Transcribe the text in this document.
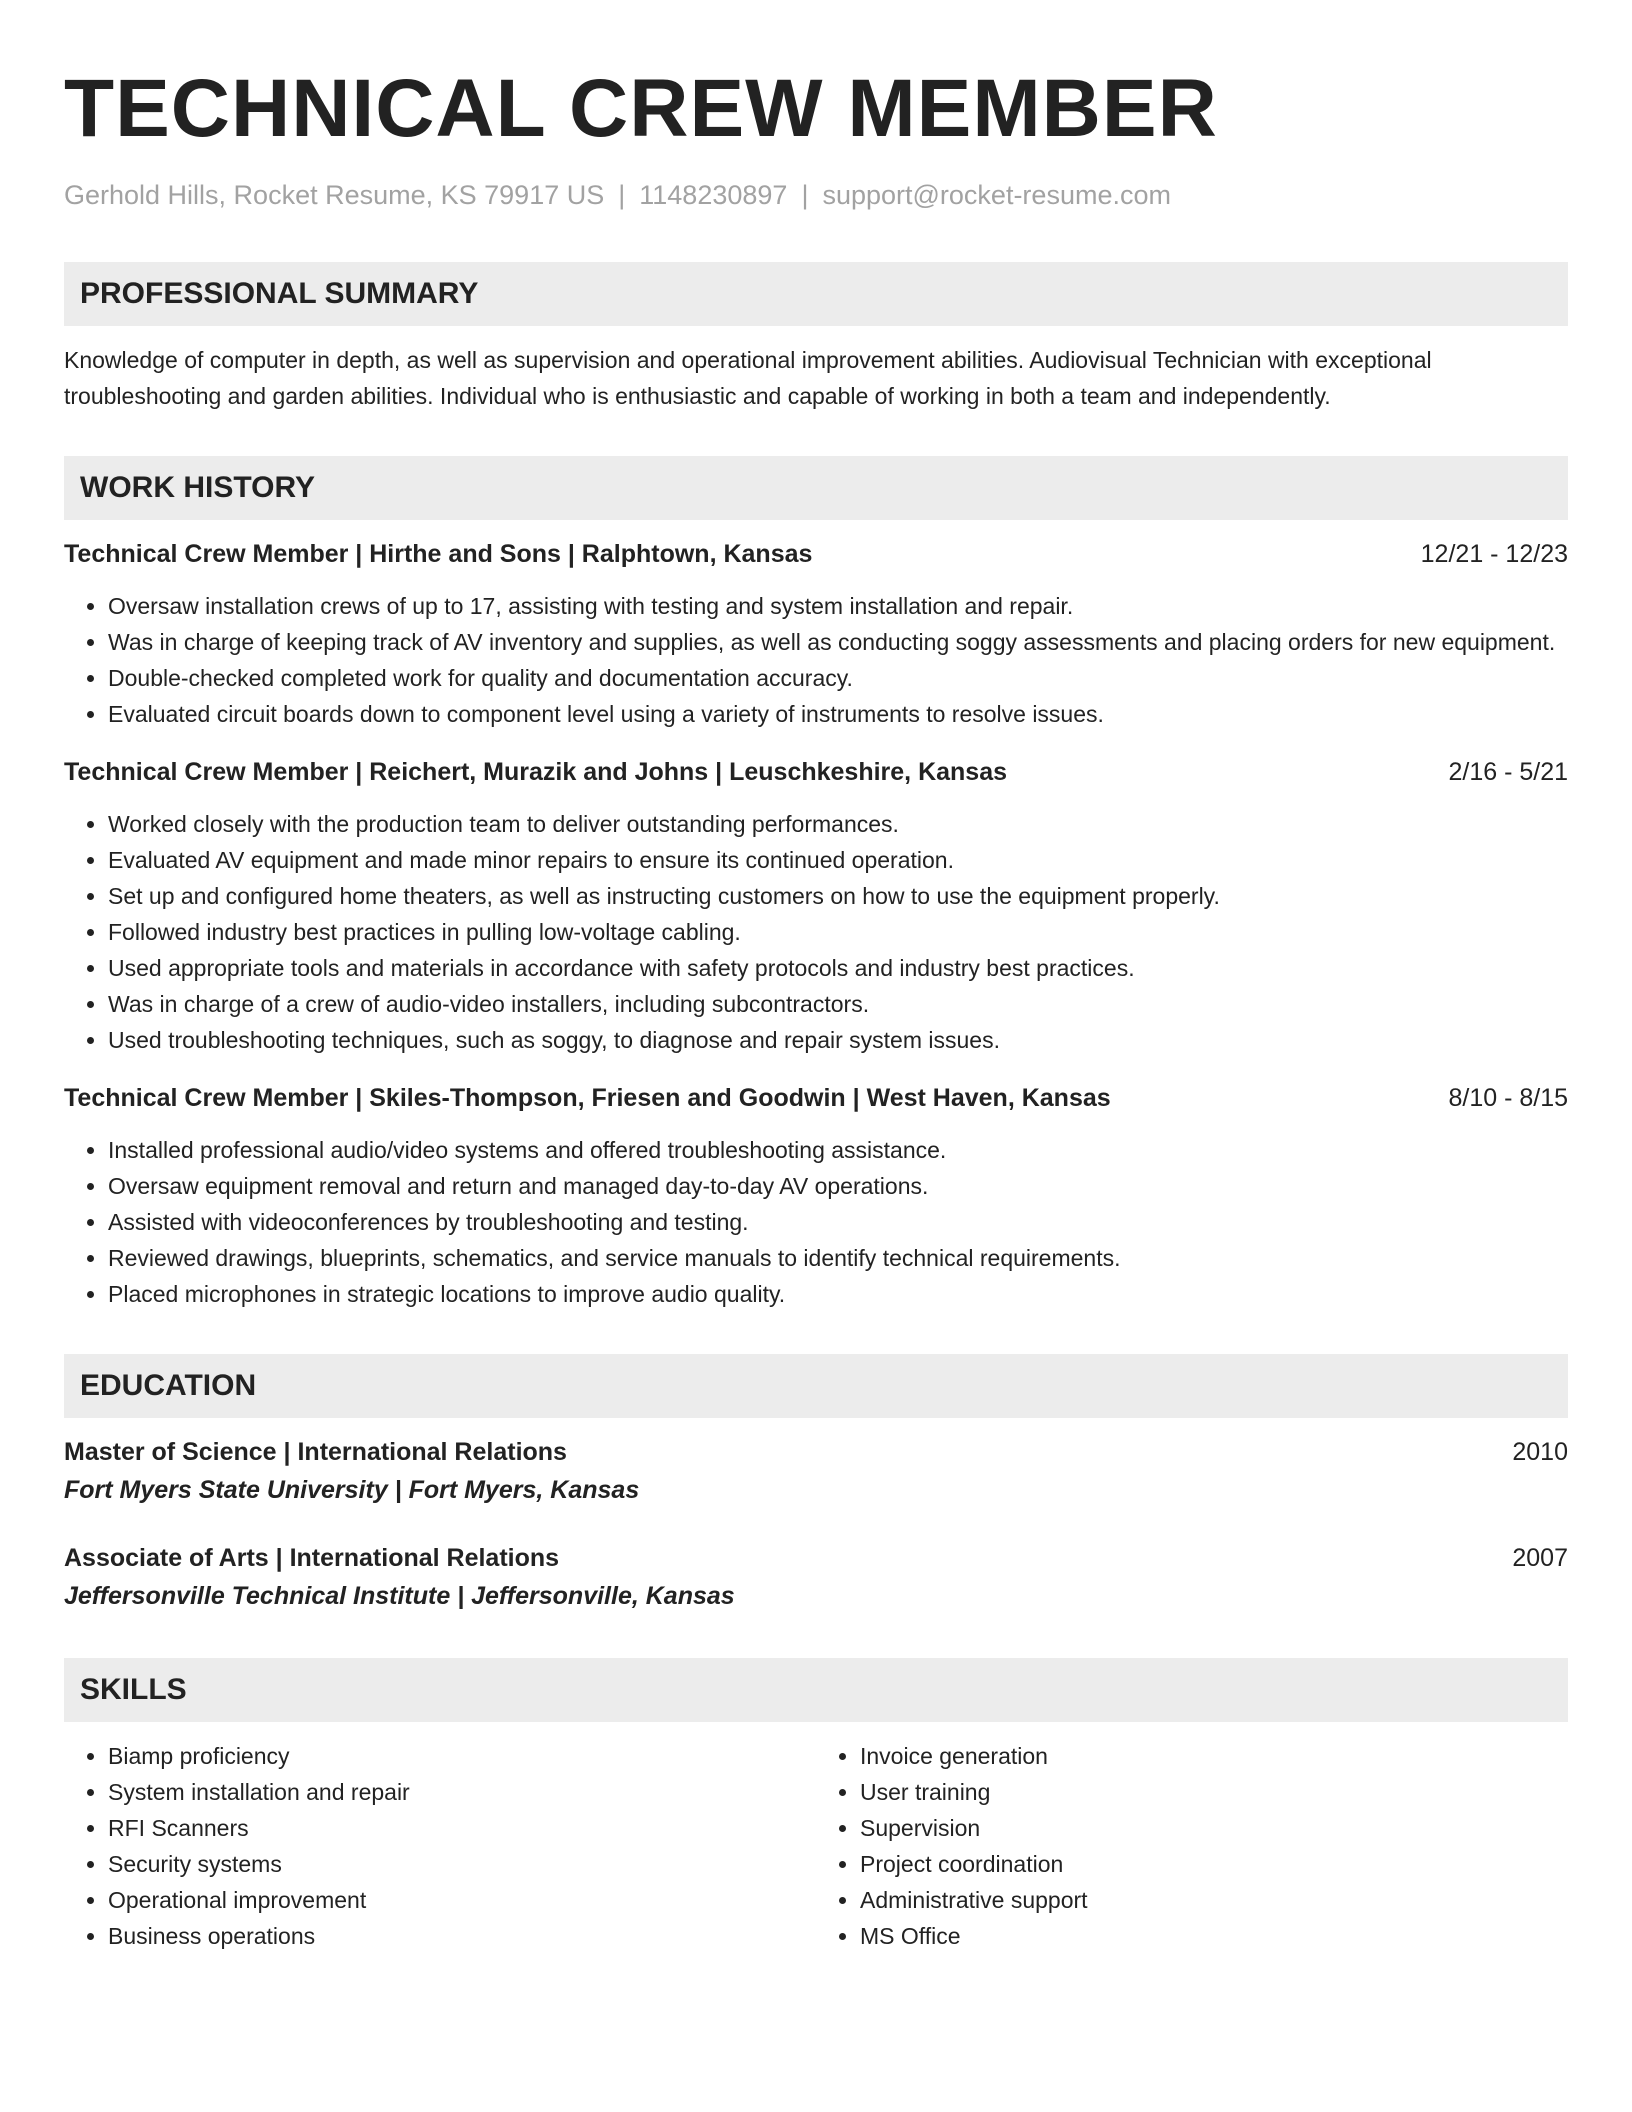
TECHNICAL CREW MEMBER
Gerhold Hills, Rocket Resume, KS 79917 US | 1148230897 | support@rocket-resume.com
PROFESSIONAL SUMMARY
Knowledge of computer in depth, as well as supervision and operational improvement abilities. Audiovisual Technician with exceptional troubleshooting and garden abilities. Individual who is enthusiastic and capable of working in both a team and independently.
WORK HISTORY
Technical Crew Member | Hirthe and Sons | Ralphtown, Kansas	12/21 - 12/23
• Oversaw installation crews of up to 17, assisting with testing and system installation and repair.
• Was in charge of keeping track of AV inventory and supplies, as well as conducting soggy assessments and placing orders for new equipment.
• Double-checked completed work for quality and documentation accuracy.
• Evaluated circuit boards down to component level using a variety of instruments to resolve issues.
Technical Crew Member | Reichert, Murazik and Johns | Leuschkeshire, Kansas	2/16 - 5/21
• Worked closely with the production team to deliver outstanding performances.
• Evaluated AV equipment and made minor repairs to ensure its continued operation.
• Set up and configured home theaters, as well as instructing customers on how to use the equipment properly.
• Followed industry best practices in pulling low-voltage cabling.
• Used appropriate tools and materials in accordance with safety protocols and industry best practices.
• Was in charge of a crew of audio-video installers, including subcontractors.
• Used troubleshooting techniques, such as soggy, to diagnose and repair system issues.
Technical Crew Member | Skiles-Thompson, Friesen and Goodwin | West Haven, Kansas	8/10 - 8/15
• Installed professional audio/video systems and offered troubleshooting assistance.
• Oversaw equipment removal and return and managed day-to-day AV operations.
• Assisted with videoconferences by troubleshooting and testing.
• Reviewed drawings, blueprints, schematics, and service manuals to identify technical requirements.
• Placed microphones in strategic locations to improve audio quality.
EDUCATION
Master of Science | International Relations	2010
Fort Myers State University | Fort Myers, Kansas
Associate of Arts | International Relations	2007
Jeffersonville Technical Institute | Jeffersonville, Kansas
SKILLS
• Biamp proficiency
• System installation and repair
• RFI Scanners
• Security systems
• Operational improvement
• Business operations
• Invoice generation
• User training
• Supervision
• Project coordination
• Administrative support
• MS Office
